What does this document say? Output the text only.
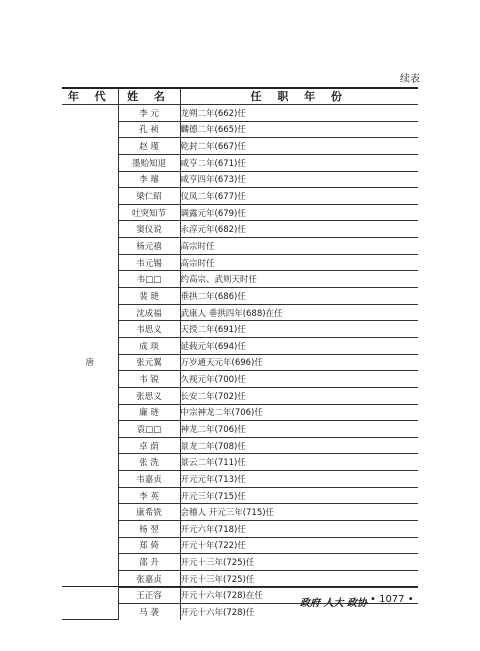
续表
年 代	姓 名	任 职 年 份
唐	李 元	龙朔二年(662)任
	孔 祯	麟德二年(665)任
	赵 瑾	乾封二年(667)任
	墨贻知退	咸亨二年(671)任
	李 璿	咸亨四年(673)任
	梁仁昭	仪凤二年(677)任
	吐突知节	调露元年(679)任
	窦仪说	永淳元年(682)任
	杨元禧	高宗时任
	韦元锡	高宗时任
	韦□□	约高宗、武则天时任
	裴 琎	垂拱二年(686)任
	沈成福	武康人 垂拱四年(688)在任
	韦思义	天授二年(691)任
	成 琰	延载元年(694)任
	张元翼	万岁通天元年(696)任
	韦 锐	久视元年(700)任
	张思义	长安二年(702)任
	廉 琏	中宗神龙二年(706)任
	袁□□	神龙二年(706)任
	卓 荫	景龙二年(708)任
	张 洗	景云二年(711)任
	韦嘉贞	开元元年(713)任
	李 英	开元三年(715)任
	康希铣	会稽人 开元三年(715)任
	杨 翌	开元六年(718)任
	郑 倚	开元十年(722)任
	邵 升	开元十三年(725)任
	张嘉贞	开元十三年(725)任
	王正容	开元十六年(728)在任
	马 袭	开元十六年(728)任
政府 人大 政协 • 1077 •
